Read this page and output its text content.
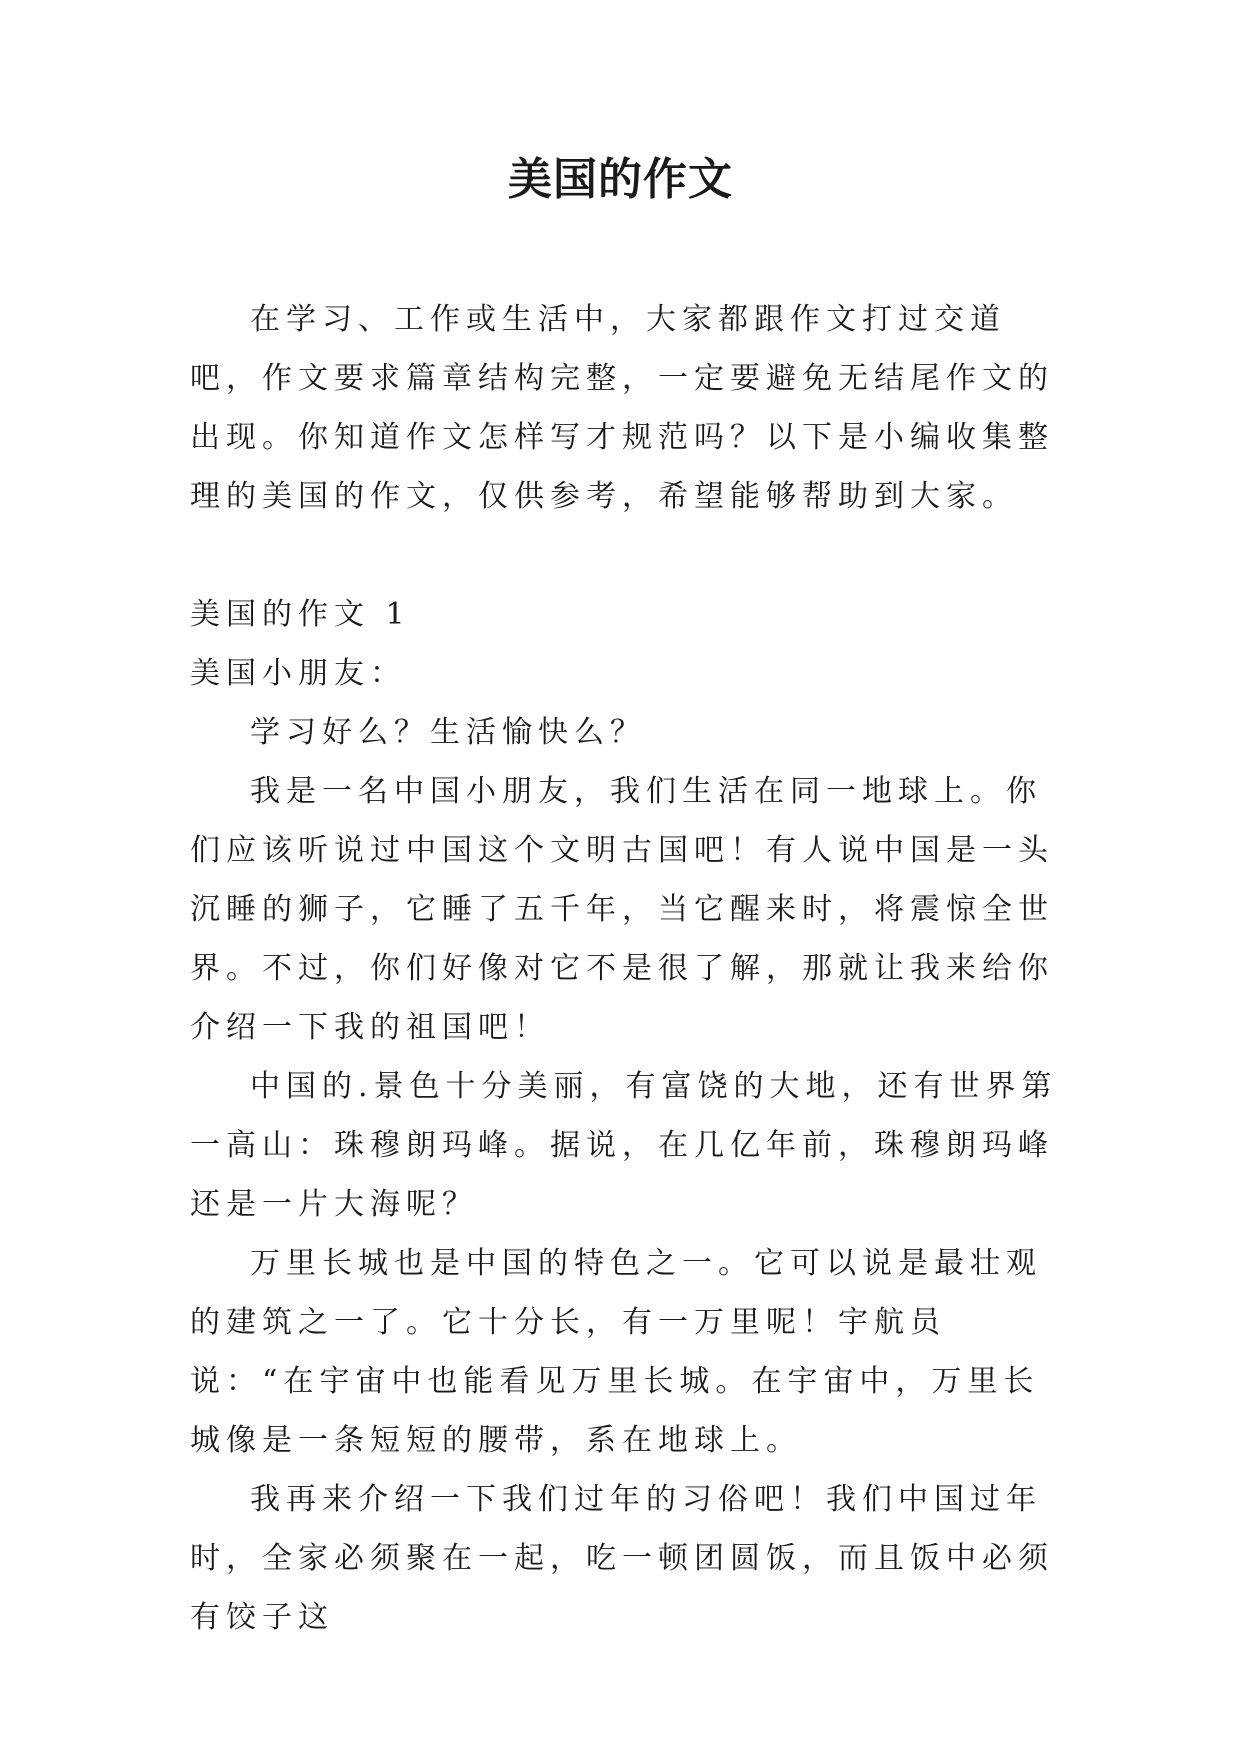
美国的作文

在学习、工作或生活中，大家都跟作文打过交道吧，作文要求篇章结构完整，一定要避免无结尾作文的出现。你知道作文怎样写才规范吗？以下是小编收集整理的美国的作文，仅供参考，希望能够帮助到大家。

美国的作文 1

美国小朋友：

学习好么？生活愉快么？

我是一名中国小朋友，我们生活在同一地球上。你们应该听说过中国这个文明古国吧！有人说中国是一头沉睡的狮子，它睡了五千年，当它醒来时，将震惊全世界。不过，你们好像对它不是很了解，那就让我来给你介绍一下我的祖国吧！

中国的.景色十分美丽，有富饶的大地，还有世界第一高山：珠穆朗玛峰。据说，在几亿年前，珠穆朗玛峰还是一片大海呢？

万里长城也是中国的特色之一。它可以说是最壮观的建筑之一了。它十分长，有一万里呢！宇航员说：“在宇宙中也能看见万里长城。在宇宙中，万里长城像是一条短短的腰带，系在地球上。

我再来介绍一下我们过年的习俗吧！我们中国过年时，全家必须聚在一起，吃一顿团圆饭，而且饭中必须有饺子这
